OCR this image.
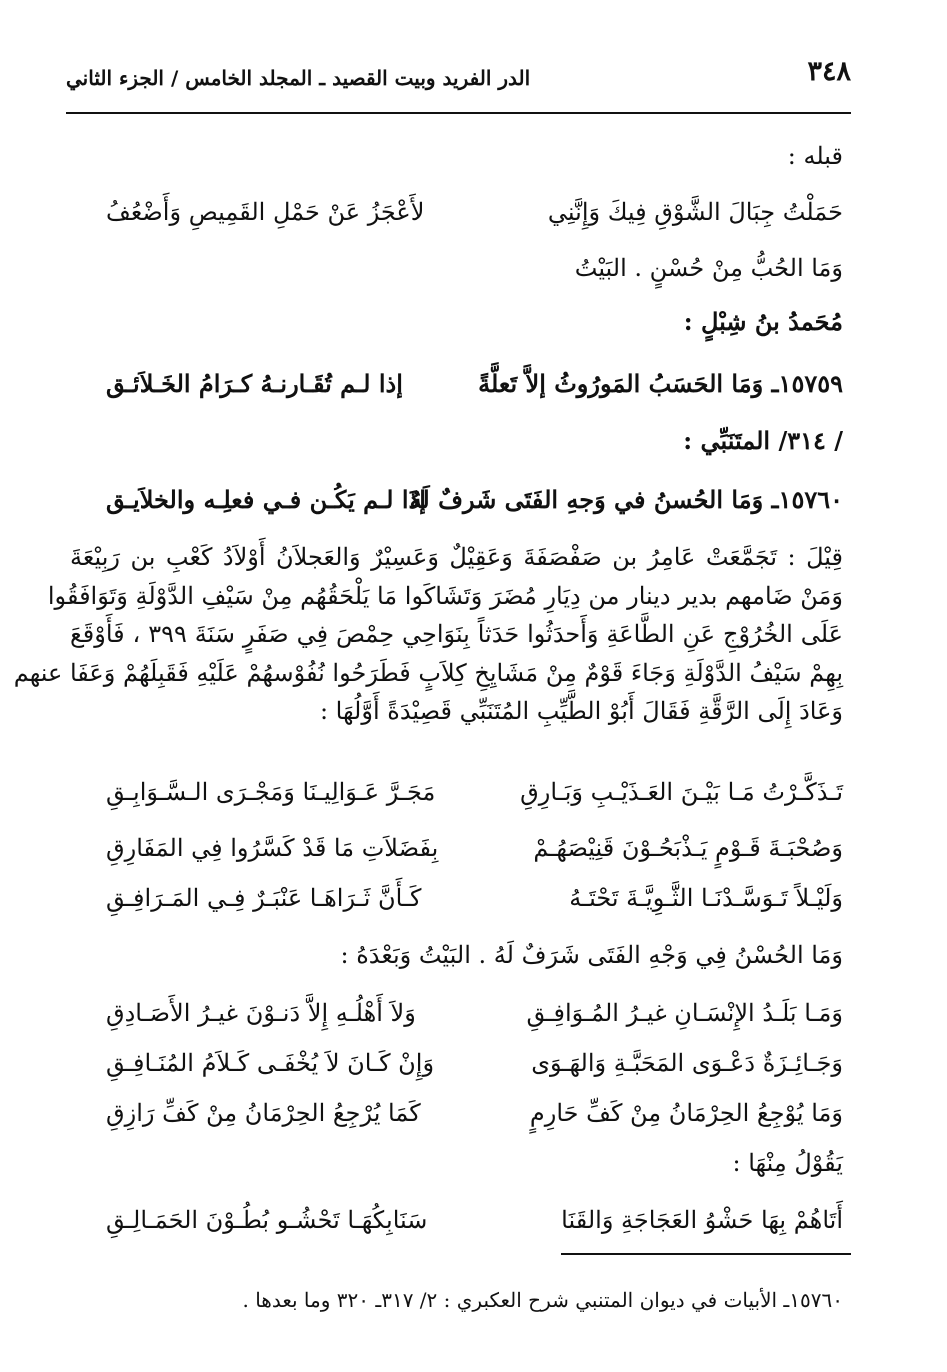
٣٤٨
الدر الفريد وبيت القصيد ـ المجلد الخامس / الجزء الثاني
قبله :
حَمَلْتُ جِبَالَ الشَّوْقِ فِيكَ وَإِنَّنِي
لأَعْجَزُ عَنْ حَمْلِ القَمِيصِ وَأَضْعُفُ
وَمَا الحُبُّ مِنْ حُسْنٍ . البَيْتُ
مُحَمدُ بنُ شِبْلٍ :
١٥٧٥٩ـ وَمَا الحَسَبُ المَورُوثُ إلاَّ تَعلَّةً
إذا لـم تُقَـارنـهُ كـرَامُ الخَـلاَئـق
/ ٣١٤/ المتَنَبِّي :
١٥٧٦٠ـ وَمَا الحُسنُ في وَجهِ الفَتَى شَرفٌ لَهُ
إذَا لـم يَكُـن فـي فعلِـه والخلاَيـق
قِيْلَ : تَجَمَّعَتْ عَامِرُ بن صَفْصَفَةَ وَعَقِيْلٌ وَعَسِيْرٌ وَالعَجلاَنُ أَوْلاَدُ كَعْبِ بن رَبِيْعَةَ
وَمَنْ ضَامهم بدير دينار من دِيَارِ مُضَرَ وَتَشَاكَوا مَا يَلْحَقُهُم مِنْ سَيْفِ الدَّوْلَةِ وَتَوَافَقُوا
عَلَى الخُرُوْجِ عَنِ الطَّاعَةِ وَأَحدَثُوا حَدَثاً بِنَوَاحِي حِمْصَ فِي صَفَرٍ سَنَةَ ٣٩٩ ، فَأَوْقَعَ
بِهِمْ سَيْفُ الدَّوْلَةِ وَجَاءَ قَوْمٌ مِنْ مَشَايِخِ كِلاَبٍ فَطَرَحُوا نُفُوْسهُمْ عَلَيْهِ فَقَبِلَهُمْ وَعَفَا عنهم
وَعَادَ إِلَى الرَّقَّةِ فَقَالَ أَبُوْ الطَّيِّبِ المُتَنَبِّي قَصِيْدَةً أَوَّلُهَا :
تَـذَكَّـرْتُ مَـا بَيْـنَ العَـذَيْـبِ وَبَـارِقِ
مَجَـرَّ عَـوَالِيـنَا وَمَجْـرَى الـسَّـوَابِـقِ
وَصُحْبَـةَ قَـوْمٍ يَـذْبَحُـوْنَ قَنِيْصَهُـمْ
بِفَضَلاَتِ مَا قَدْ كَسَّرُوا فِي المَفَارِقِ
وَلَيْـلاً تَـوَسَّـدْنَـا الثَّـوِيَّـةَ تَحْتَـهُ
كَـأَنَّ ثَـرَاهَـا عَنْبَـرٌ فِـي المَـرَافِـقِ
وَمَا الحُسْنُ فِي وَجْهِ الفَتَى شَرَفٌ لَهُ . البَيْتُ وَبَعْدَهُ :
وَمَـا بَلَـدُ الإِنْسَـانِ غيـرُ المُـوَافِـقِ
وَلاَ أَهْلُـهِ إِلاَّ دَنـوْنَ غيـرُ الأَصَـادِقِ
وَجَـائِـزَةٌ دَعْـوَى المَحَبَّـةِ وَالهَـوَى
وَإِنْ كَـانَ لاَ يُخْفَـى كَـلاَمُ المُنَـافِـقِ
وَمَا يُوْجِعُ الحِرْمَانُ مِنْ كَفِّ حَارِمٍ
كَمَا يُرْجِعُ الحِرْمَانُ مِنْ كَفِّ رَازِقِ
يَقُوْلُ مِنْهَا :
أَتَاهُمْ بِهَا حَشْوُ العَجَاجَةِ وَالقَنَا
سَنَابِكُهَـا تَحْشُـو بُطُـوْنَ الحَمَـالِـقِ
١٥٧٦٠ـ الأبيات في ديوان المتنبي شرح العكبري : ٢/ ٣١٧ـ ٣٢٠ وما بعدها .
